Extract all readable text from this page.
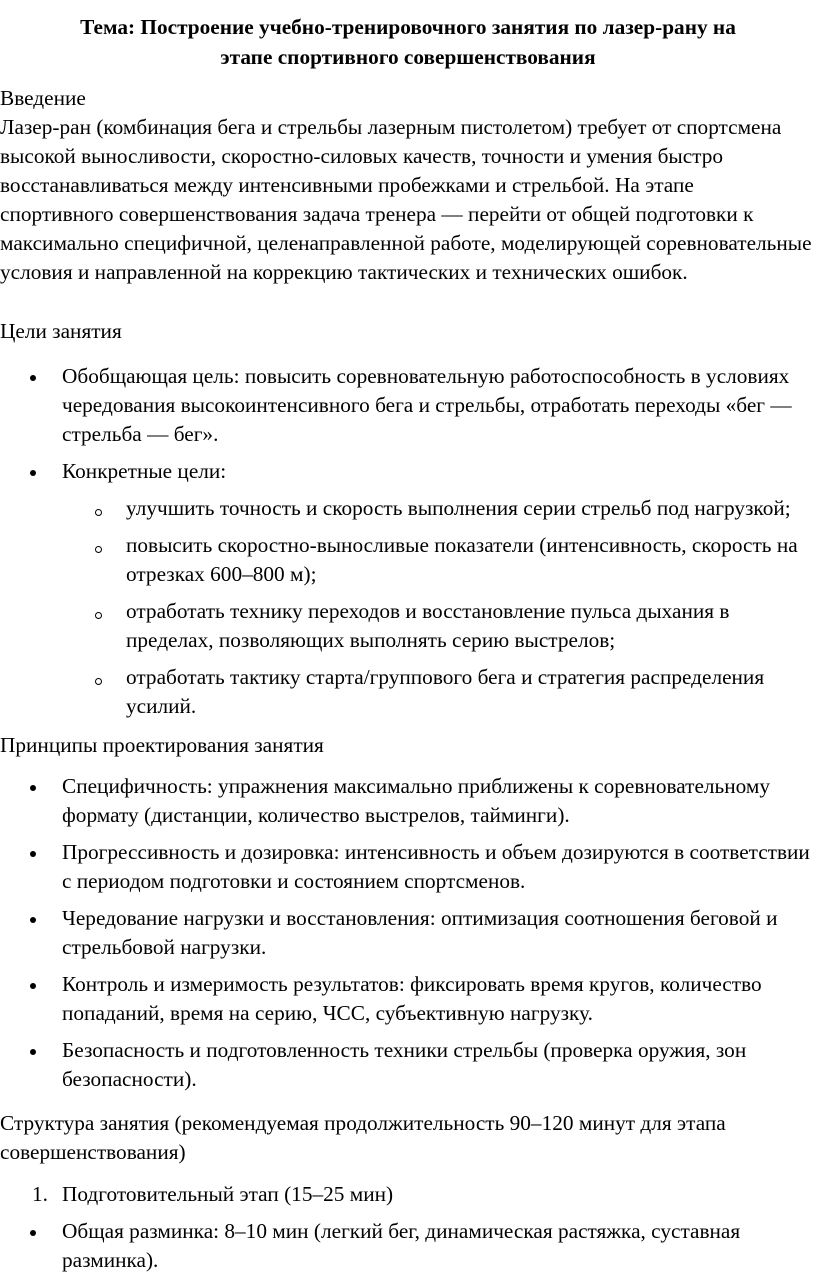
Тема: Построение учебно-тренировочного занятия по лазер-рану на
этапе спортивного совершенствования

Введение

Лазер-ран (комбинация бега и стрельбы лазерным пистолетом) требует от спортсмена высокой выносливости, скоростно-силовых качеств, точности и умения быстро восстанавливаться между интенсивными пробежками и стрельбой. На этапе спортивного совершенствования задача тренера — перейти от общей подготовки к максимально специфичной, целенаправленной работе, моделирующей соревновательные условия и направленной на коррекцию тактических и технических ошибок.

Цели занятия

Обобщающая цель: повысить соревновательную работоспособность в условиях чередования высокоинтенсивного бега и стрельбы, отработать переходы «бег — стрельба — бег».
Конкретные цели:
улучшить точность и скорость выполнения серии стрельб под нагрузкой;
повысить скоростно-выносливые показатели (интенсивность, скорость на отрезках 600–800 м);
отработать технику переходов и восстановление пульса дыхания в пределах, позволяющих выполнять серию выстрелов;
отработать тактику старта/группового бега и стратегия распределения усилий.

Принципы проектирования занятия

Специфичность: упражнения максимально приближены к соревновательному формату (дистанции, количество выстрелов, тайминги).
Прогрессивность и дозировка: интенсивность и объем дозируются в соответствии с периодом подготовки и состоянием спортсменов.
Чередование нагрузки и восстановления: оптимизация соотношения беговой и стрельбовой нагрузки.
Контроль и измеримость результатов: фиксировать время кругов, количество попаданий, время на серию, ЧСС, субъективную нагрузку.
Безопасность и подготовленность техники стрельбы (проверка оружия, зон безопасности).

Структура занятия (рекомендуемая продолжительность 90–120 минут для этапа совершенствования)

1. Подготовительный этап (15–25 мин)
Общая разминка: 8–10 мин (легкий бег, динамическая растяжка, суставная разминка).
